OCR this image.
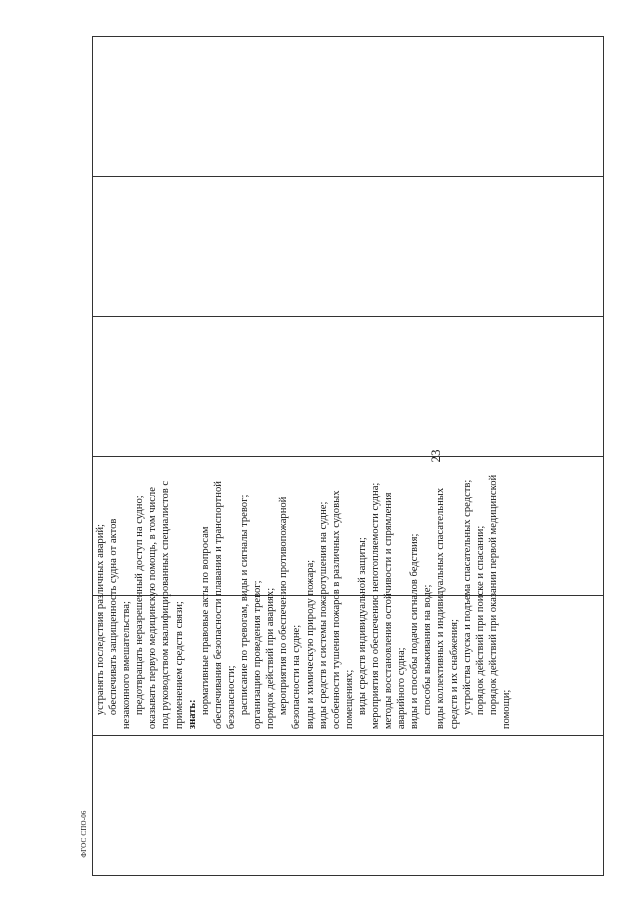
23

устранять последствия различных аварий; обеспечивать защищенность судна от актов незаконного вмешательства; предотвращать неразрешенный доступ на судно; оказывать первую медицинскую помощь, в том числе под руководством квалифицированных специалистов с применением средств связи; знать: нормативные правовые акты по вопросам обеспечивания безопасности плавания и транспортной безопасности; расписание по тревогам, виды и сигналы тревог; организацию проведения тревог; порядок действий при авариях; мероприятия по обеспечению противопожарной безопасности на судне; виды и химическую природу пожара; виды средств и системы пожаротушения на судне; особенности тушения пожаров в различных судовых помещениях; виды средств индивидуальной защиты; мероприятия по обеспечению непотопляемости судна; методы восстановления остойчивости и спрямления аварийного судна; виды и способы подачи сигналов бедствия; способы выживания на воде; виды коллективных и индивидуальных спасательных средств и их снабжения; устройства спуска и подъема спасательных средств; порядок действий при поиске и спасании; порядок действий при оказании первой медицинской помощи;

ФГОС СПО-06
